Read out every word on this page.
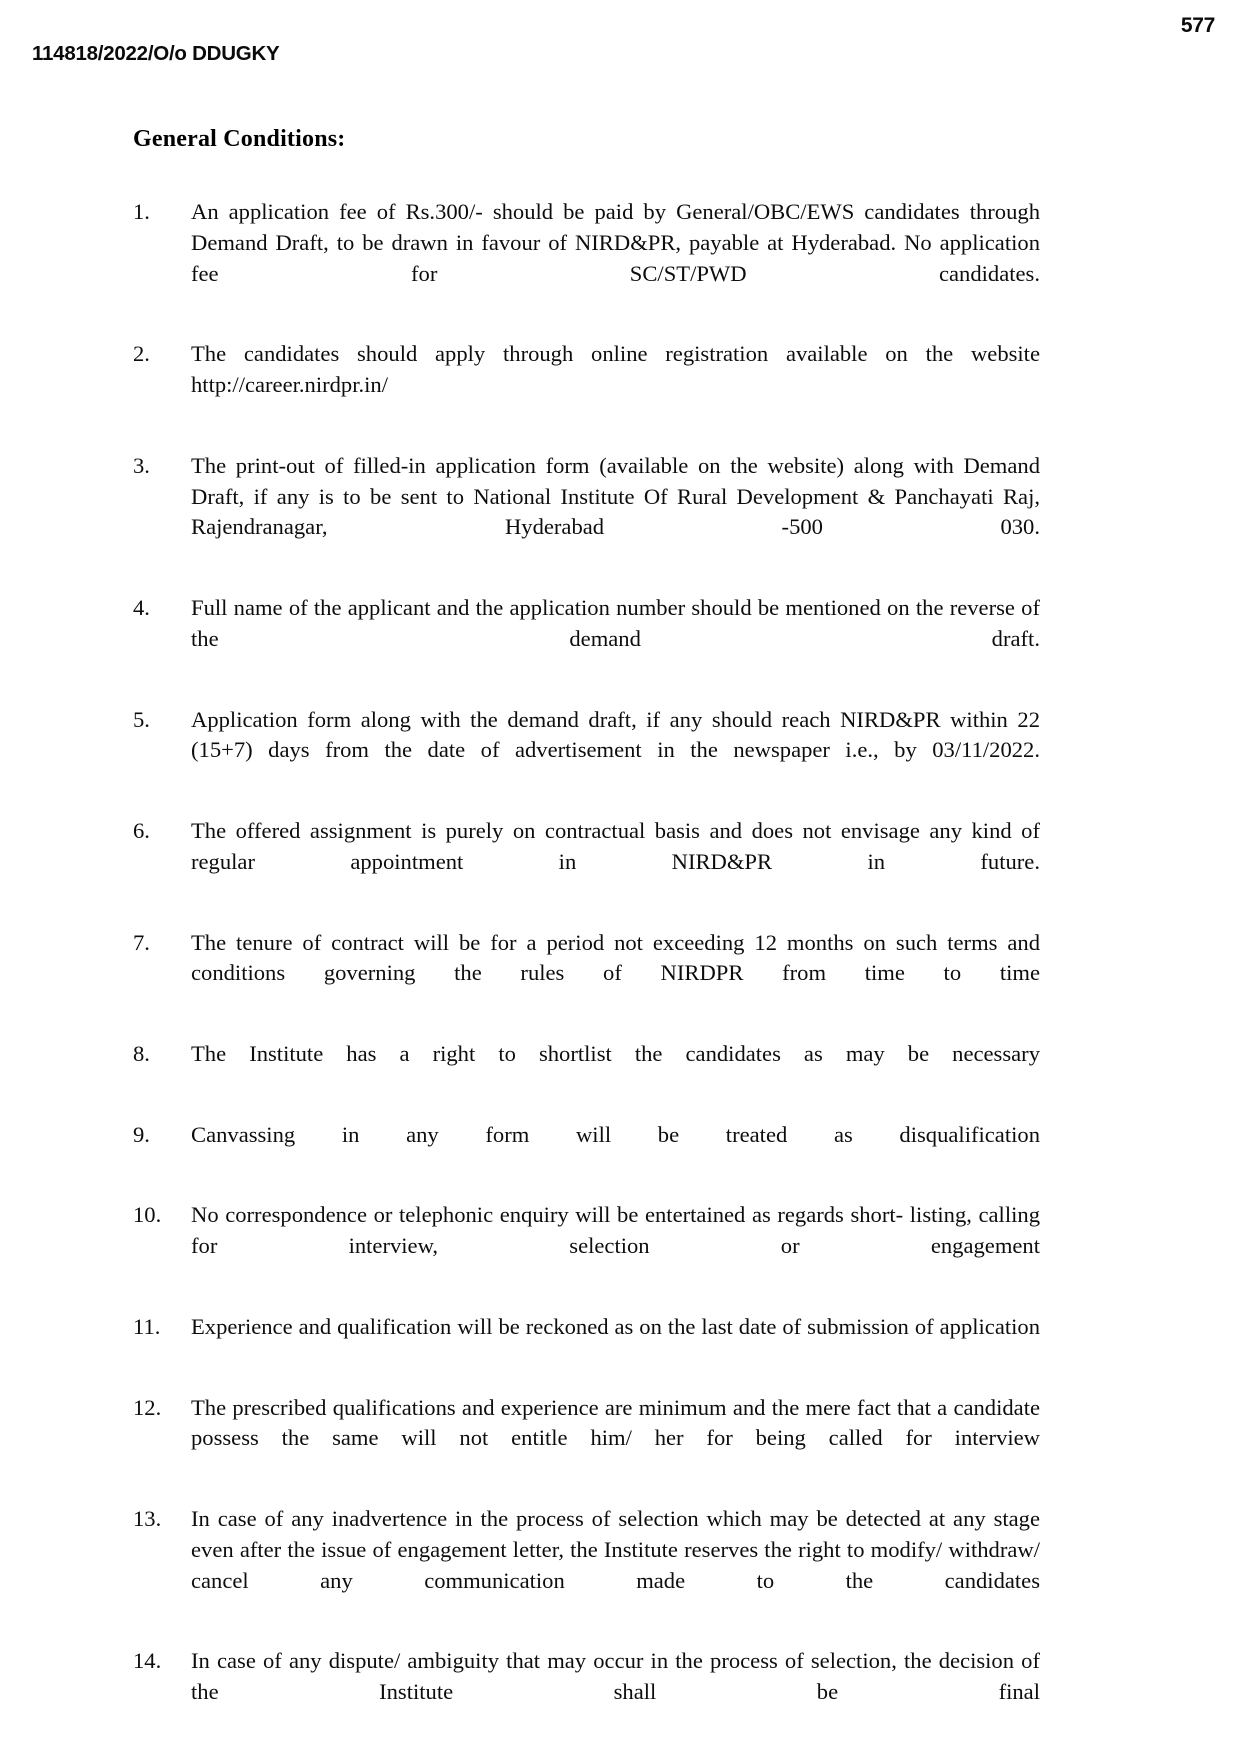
577
114818/2022/O/o DDUGKY
General Conditions:
1.	An application fee of Rs.300/- should be paid by General/OBC/EWS candidates through Demand Draft, to be drawn in favour of NIRD&PR, payable at Hyderabad. No application fee for SC/ST/PWD candidates.
2.	The candidates should apply through online registration available on the website http://career.nirdpr.in/
3.	The print-out of filled-in application form (available on the website) along with Demand Draft, if any is to be sent to National Institute Of Rural Development & Panchayati Raj, Rajendranagar, Hyderabad -500 030.
4.	Full name of the applicant and the application number should be mentioned on the reverse of the demand draft.
5.	Application form along with the demand draft, if any should reach NIRD&PR within 22 (15+7) days from the date of advertisement in the newspaper i.e., by 03/11/2022.
6.	The offered assignment is purely on contractual basis and does not envisage any kind of regular appointment in NIRD&PR in future.
7.	The tenure of contract will be for a period not exceeding 12 months on such terms and conditions governing the rules of NIRDPR from time to time
8.	The Institute has a right to shortlist the candidates as may be necessary
9.	Canvassing in any form will be treated as disqualification
10.	No correspondence or telephonic enquiry will be entertained as regards short- listing, calling for interview, selection or engagement
11.	Experience and qualification will be reckoned as on the last date of submission of application
12.	The prescribed qualifications and experience are minimum and the mere fact that a candidate possess the same will not entitle him/ her for being called for interview
13.	In case of any inadvertence in the process of selection which may be detected at any stage even after the issue of engagement letter, the Institute reserves the right to modify/ withdraw/ cancel any communication made to the candidates
14.	In case of any dispute/ ambiguity that may occur in the process of selection, the decision of the Institute shall be final
